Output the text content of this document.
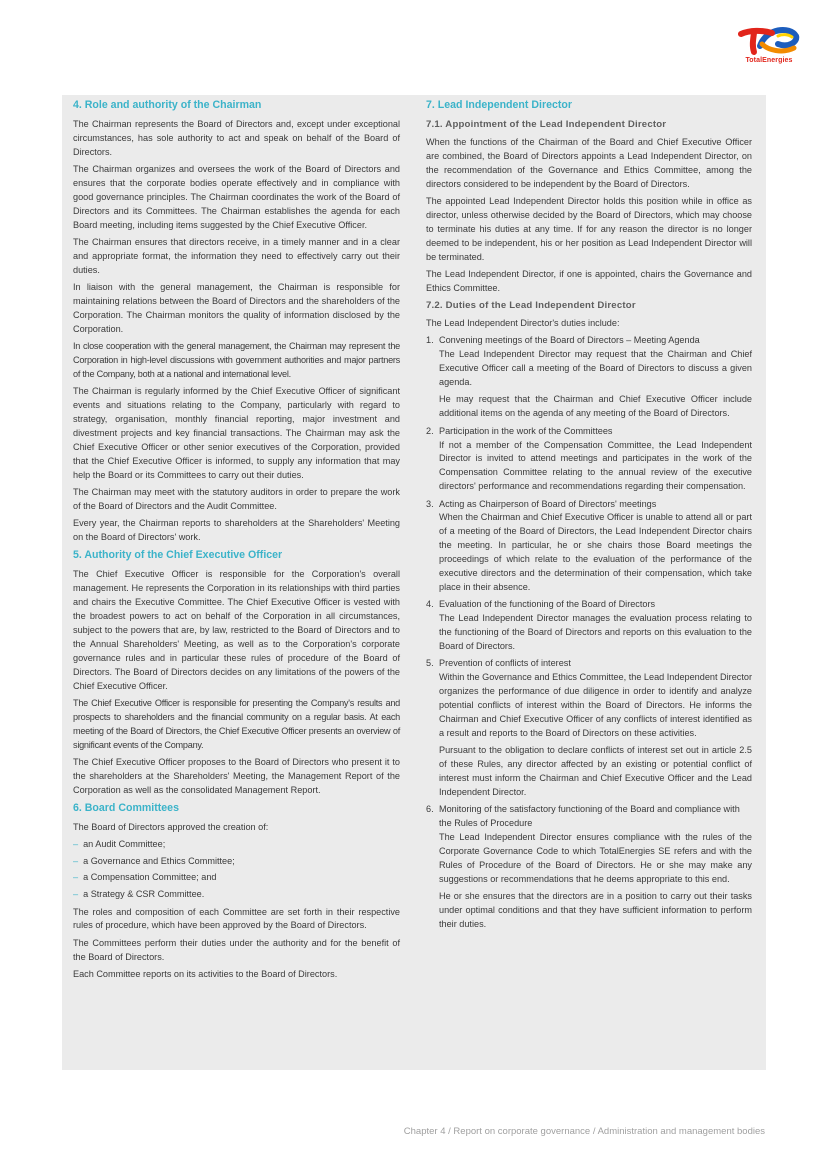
TotalEnergies
4. Role and authority of the Chairman

The Chairman represents the Board of Directors and, except under exceptional circumstances, has sole authority to act and speak on behalf of the Board of Directors.

The Chairman organizes and oversees the work of the Board of Directors and ensures that the corporate bodies operate effectively and in compliance with good governance principles. The Chairman coordinates the work of the Board of Directors and its Committees. The Chairman establishes the agenda for each Board meeting, including items suggested by the Chief Executive Officer.

The Chairman ensures that directors receive, in a timely manner and in a clear and appropriate format, the information they need to effectively carry out their duties.

In liaison with the general management, the Chairman is responsible for maintaining relations between the Board of Directors and the shareholders of the Corporation. The Chairman monitors the quality of information disclosed by the Corporation.

In close cooperation with the general management, the Chairman may represent the Corporation in high-level discussions with government authorities and major partners of the Company, both at a national and international level.

The Chairman is regularly informed by the Chief Executive Officer of significant events and situations relating to the Company, particularly with regard to strategy, organisation, monthly financial reporting, major investment and divestment projects and key financial transactions. The Chairman may ask the Chief Executive Officer or other senior executives of the Corporation, provided that the Chief Executive Officer is informed, to supply any information that may help the Board or its Committees to carry out their duties.

The Chairman may meet with the statutory auditors in order to prepare the work of the Board of Directors and the Audit Committee.

Every year, the Chairman reports to shareholders at the Shareholders' Meeting on the Board of Directors' work.

5. Authority of the Chief Executive Officer

The Chief Executive Officer is responsible for the Corporation's overall management. He represents the Corporation in its relationships with third parties and chairs the Executive Committee. The Chief Executive Officer is vested with the broadest powers to act on behalf of the Corporation in all circumstances, subject to the powers that are, by law, restricted to the Board of Directors and to the Annual Shareholders' Meeting, as well as to the Corporation's corporate governance rules and in particular these rules of procedure of the Board of Directors. The Board of Directors decides on any limitations of the powers of the Chief Executive Officer.

The Chief Executive Officer is responsible for presenting the Company's results and prospects to shareholders and the financial community on a regular basis. At each meeting of the Board of Directors, the Chief Executive Officer presents an overview of significant events of the Company.

The Chief Executive Officer proposes to the Board of Directors who present it to the shareholders at the Shareholders' Meeting, the Management Report of the Corporation as well as the consolidated Management Report.

6. Board Committees

The Board of Directors approved the creation of:

– an Audit Committee;
– a Governance and Ethics Committee;
– a Compensation Committee; and
– a Strategy & CSR Committee.

The roles and composition of each Committee are set forth in their respective rules of procedure, which have been approved by the Board of Directors.

The Committees perform their duties under the authority and for the benefit of the Board of Directors.

Each Committee reports on its activities to the Board of Directors.

7. Lead Independent Director
7.1. Appointment of the Lead Independent Director

When the functions of the Chairman of the Board and Chief Executive Officer are combined, the Board of Directors appoints a Lead Independent Director, on the recommendation of the Governance and Ethics Committee, among the directors considered to be independent by the Board of Directors.

The appointed Lead Independent Director holds this position while in office as director, unless otherwise decided by the Board of Directors, which may choose to terminate his duties at any time. If for any reason the director is no longer deemed to be independent, his or her position as Lead Independent Director will be terminated.

The Lead Independent Director, if one is appointed, chairs the Governance and Ethics Committee.

7.2. Duties of the Lead Independent Director

The Lead Independent Director's duties include:

1. Convening meetings of the Board of Directors – Meeting Agenda

The Lead Independent Director may request that the Chairman and Chief Executive Officer call a meeting of the Board of Directors to discuss a given agenda.

He may request that the Chairman and Chief Executive Officer include additional items on the agenda of any meeting of the Board of Directors.

2. Participation in the work of the Committees

If not a member of the Compensation Committee, the Lead Independent Director is invited to attend meetings and participates in the work of the Compensation Committee relating to the annual review of the executive directors' performance and recommendations regarding their compensation.

3. Acting as Chairperson of Board of Directors' meetings

When the Chairman and Chief Executive Officer is unable to attend all or part of a meeting of the Board of Directors, the Lead Independent Director chairs the meeting. In particular, he or she chairs those Board meetings the proceedings of which relate to the evaluation of the performance of the executive directors and the determination of their compensation, which take place in their absence.

4. Evaluation of the functioning of the Board of Directors

The Lead Independent Director manages the evaluation process relating to the functioning of the Board of Directors and reports on this evaluation to the Board of Directors.

5. Prevention of conflicts of interest

Within the Governance and Ethics Committee, the Lead Independent Director organizes the performance of due diligence in order to identify and analyze potential conflicts of interest within the Board of Directors. He informs the Chairman and Chief Executive Officer of any conflicts of interest identified as a result and reports to the Board of Directors on these activities.

Pursuant to the obligation to declare conflicts of interest set out in article 2.5 of these Rules, any director affected by an existing or potential conflict of interest must inform the Chairman and Chief Executive Officer and the Lead Independent Director.

6. Monitoring of the satisfactory functioning of the Board and compliance with the Rules of Procedure

The Lead Independent Director ensures compliance with the rules of the Corporate Governance Code to which TotalEnergies SE refers and with the Rules of Procedure of the Board of Directors. He or she may make any suggestions or recommendations that he deems appropriate to this end.

He or she ensures that the directors are in a position to carry out their tasks under optimal conditions and that they have sufficient information to perform their duties.

Chapter 4 / Report on corporate governance / Administration and management bodies
